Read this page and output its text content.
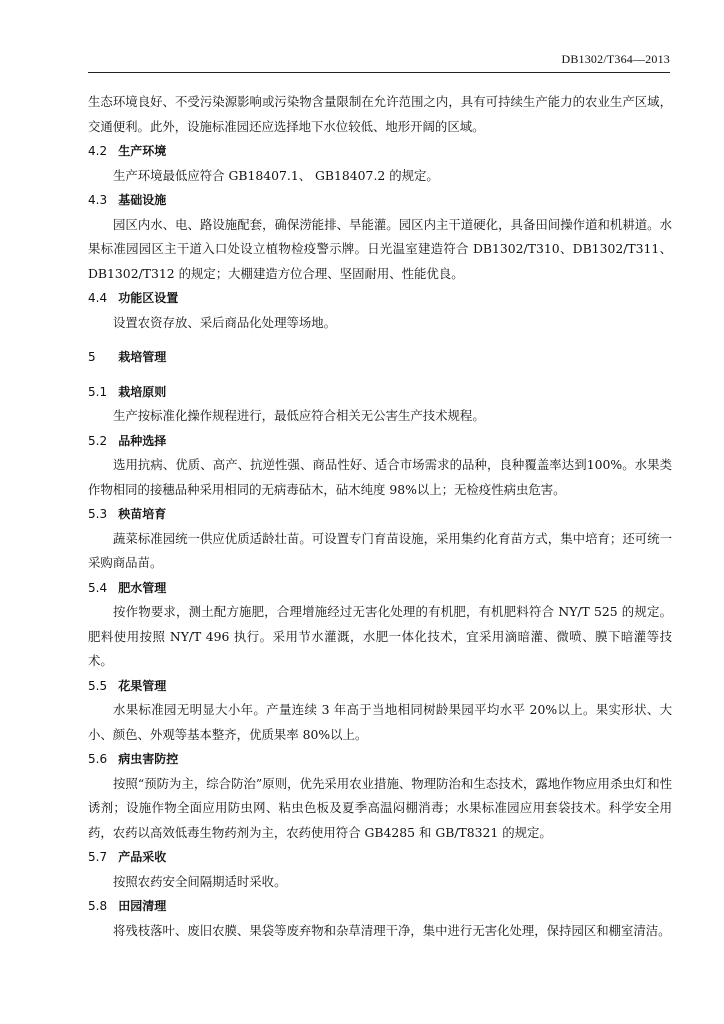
DB1302/T364—2013

生态环境良好、不受污染源影响或污染物含量限制在允许范围之内，具有可持续生产能力的农业生产区域，交通便利。此外，设施标准园还应选择地下水位较低、地形开阔的区域。

4.2 生产环境

生产环境最低应符合 GB18407.1、 GB18407.2 的规定。

4.3 基础设施

园区内水、电、路设施配套，确保涝能排、旱能灌。园区内主干道硬化，具备田间操作道和机耕道。水果标准园园区主干道入口处设立植物检疫警示牌。日光温室建造符合 DB1302/T310、DB1302/T311、DB1302/T312 的规定；大棚建造方位合理、坚固耐用、性能优良。

4.4 功能区设置

设置农资存放、采后商品化处理等场地。

5 栽培管理
5.1 栽培原则

生产按标准化操作规程进行，最低应符合相关无公害生产技术规程。

5.2 品种选择

选用抗病、优质、高产、抗逆性强、商品性好、适合市场需求的品种，良种覆盖率达到100%。水果类作物相同的接穗品种采用相同的无病毒砧木，砧木纯度 98%以上；无检疫性病虫危害。

5.3 秧苗培育

蔬菜标准园统一供应优质适龄壮苗。可设置专门育苗设施，采用集约化育苗方式，集中培育；还可统一采购商品苗。

5.4 肥水管理

按作物要求，测土配方施肥，合理增施经过无害化处理的有机肥，有机肥料符合 NY/T 525 的规定。肥料使用按照 NY/T 496 执行。采用节水灌溉，水肥一体化技术，宜采用滴暗灌、微喷、膜下暗灌等技术。

5.5 花果管理

水果标准园无明显大小年。产量连续 3 年高于当地相同树龄果园平均水平 20%以上。果实形状、大小、颜色、外观等基本整齐，优质果率 80%以上。

5.6 病虫害防控

按照“预防为主，综合防治”原则，优先采用农业措施、物理防治和生态技术，露地作物应用杀虫灯和性诱剂；设施作物全面应用防虫网、粘虫色板及夏季高温闷棚消毒；水果标准园应用套袋技术。科学安全用药，农药以高效低毒生物药剂为主，农药使用符合 GB4285 和 GB/T8321 的规定。

5.7 产品采收

按照农药安全间隔期适时采收。

5.8 田园清理

将残枝落叶、废旧农膜、果袋等废弃物和杂草清理干净，集中进行无害化处理，保持园区和棚室清洁。
